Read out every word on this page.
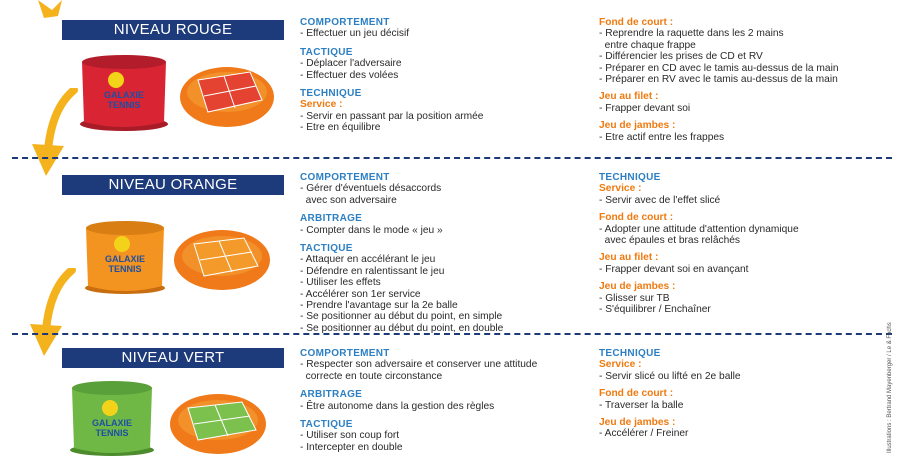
NIVEAU ROUGE
GALAXIE
TENNIS
COMPORTEMENT
- Effectuer un jeu décisif
TACTIQUE
- Déplacer l'adversaire
- Effectuer des volées
TECHNIQUE
Service :
- Servir en passant par la position armée
- Etre en équilibre
Fond de court :
- Reprendre la raquette dans les 2 mains
entre chaque frappe
- Différencier les prises de CD et RV
- Préparer en CD avec le tamis au-dessus de la main
- Préparer en RV avec le tamis au-dessus de la main
Jeu au filet :
- Frapper devant soi
Jeu de jambes :
- Etre actif entre les frappes
NIVEAU ORANGE
GALAXIE
TENNIS
COMPORTEMENT
- Gérer d'éventuels désaccords
avec son adversaire
ARBITRAGE
- Compter dans le mode « jeu »
TACTIQUE
- Attaquer en accélérant le jeu
- Défendre en ralentissant le jeu
- Utiliser les effets
- Accélérer son 1er service
- Prendre l'avantage sur la 2e balle
- Se positionner au début du point, en simple
- Se positionner au début du point, en double
TECHNIQUE
Service :
- Servir avec de l'effet slicé
Fond de court :
- Adopter une attitude d'attention dynamique
avec épaules et bras relâchés
Jeu au filet :
- Frapper devant soi en avançant
Jeu de jambes :
- Glisser sur TB
- S'équilibrer / Enchaîner
NIVEAU VERT
GALAXIE
TENNIS
COMPORTEMENT
- Respecter son adversaire et conserver une attitude
correcte en toute circonstance
ARBITRAGE
- Être autonome dans la gestion des règles
TACTIQUE
- Utiliser son coup fort
- Intercepter en double
TECHNIQUE
Service :
- Servir slicé ou lifté en 2e balle
Fond de court :
- Traverser la balle
Jeu de jambes :
- Accélérer / Freiner	Illustrations : Bertrand Mayenberger / Le & Fachs
